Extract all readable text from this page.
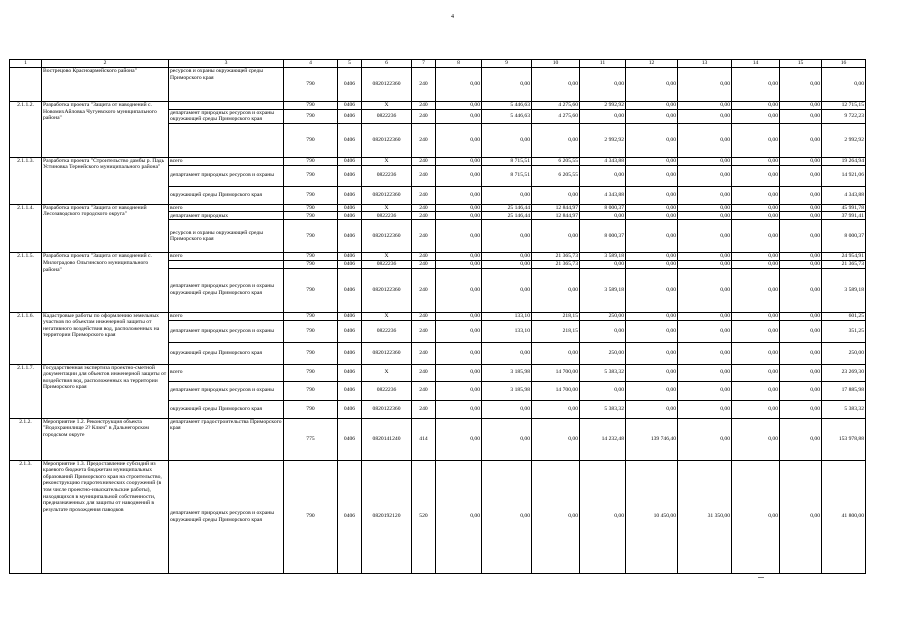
4
1	2	3	4	5	6	7	8	9	10	11	12	13	14	15	16
	Вострецово Красноармейского района"	ресурсов и охраны окружающей среды Приморского края	790	0406	0820122360	240	0,00	0,00	0,00	0,00	0,00	0,00	0,00	0,00	0,00
2.1.1.2.	Разработка проекта "Защита от наводнений с. НовомихАйловка Чугуевского муниципального района"		790	0406	X	240	0,00	5 446,63	4 275,60	2 992,92	0,00	0,00	0,00	0,00	12 715,15
		департамент природных ресурсов и охраны окружающей среды Приморского края	790	0406	0822236	240	0,00	5 446,63	4 275,60	0,00	0,00	0,00	0,00	0,00	9 722,23
			790	0406	0820122360	240	0,00	0,00	0,00	2 992,92	0,00	0,00	0,00	0,00	2 992,92
2.1.1.3.	Разработка проекта "Строительство дамбы р. Падь Устиновка Тернейского муниципального района"	всего	790	0406	X	240	0,00	8 715,51	6 205,55	4 343,88	0,00	0,00	0,00	0,00	19 264,94
		департамент природных ресурсов и охраны	790	0406	0822236	240	0,00	8 715,51	6 205,55	0,00	0,00	0,00	0,00	0,00	14 921,06
		окружающей среды Приморского края	790	0406	0820122360	240	0,00	0,00	0,00	4 343,88	0,00	0,00	0,00	0,00	4 343,88
2.1.1.4.	Разработка проекта "Защита от наводнений Лесозаводского городского округа"	всего	790	0406	X	240	0,00	25 146,44	12 844,97	8 000,37	0,00	0,00	0,00	0,00	45 991,78
		департамент природных	790	0406	0822236	240	0,00	25 146,44	12 844,97	0,00	0,00	0,00	0,00	0,00	37 991,41
		ресурсов и охраны окружающей среды Приморского края	790	0406	0820122360	240	0,00	0,00	0,00	8 000,37	0,00	0,00	0,00	0,00	8 000,37
2.1.1.5.	Разработка проекта "Защита от наводнений с. Милоградово Ольгинского муниципального района"	всего	790	0406	X	240	0,00	0,00	21 365,73	3 589,18	0,00	0,00	0,00	0,00	24 954,91
			790	0406	0822236	240	0,00	0,00	21 365,73	0,00	0,00	0,00	0,00	0,00	21 365,73
		департамент природных ресурсов и охраны окружающей среды Приморского края	790	0406	0820122360	240	0,00	0,00	0,00	3 589,18	0,00	0,00	0,00	0,00	3 589,18
2.1.1.6.	Кадастровые работы по оформлению земельных участков по объектам инженерной защиты от негативного воздействия вод, расположенных на территории Приморского края	всего	790	0406	X	240	0,00	133,10	218,15	250,00	0,00	0,00	0,00	0,00	601,25
		департамент природных ресурсов и охраны	790	0406	0822236	240	0,00	133,10	218,15	0,00	0,00	0,00	0,00	0,00	351,25
		окружающей среды Приморского края	790	0406	0820122360	240	0,00	0,00	0,00	250,00	0,00	0,00	0,00	0,00	250,00
2.1.1.7.	Государственная экспертиза проектно-сметной документации для объектов инженерной защиты от воздействия вод, расположенных на территории Приморского края	всего	790	0406	X	240	0,00	3 185,98	14 700,00	5 383,32	0,00	0,00	0,00	0,00	23 269,30
		департамент природных ресурсов и охраны	790	0406	0822236	240	0,00	3 185,98	14 700,00	0,00	0,00	0,00	0,00	0,00	17 885,98
		окружающей среды Приморского края	790	0406	0820122360	240	0,00	0,00	0,00	5 383,32	0,00	0,00	0,00	0,00	5 383,32
2.1.2.	Мероприятие 1.2. Реконструкция объекта "Водохранилище 2? Ключ" в Дальнегорском городском округе	департамент градостроительства Приморского края	775	0406	0820141240	414	0,00	0,00	0,00	14 232,48	139 746,40	0,00	0,00	0,00	153 978,88
2.1.3.	Мероприятие 1.3. Предоставление субсидий из краевого бюджета бюджетам муниципальных образований Приморского края на строительство, реконструкцию гидротехнических сооружений (в том числе проектно-изыскательские работы), находящихся в муниципальной собственности, предназначенных для защиты от наводнений в результате прохождения паводков	департамент природных ресурсов и охраны окружающей среды Приморского края	790	0406	0820192120	520	0,00	0,00	0,00	0,00	10 450,00	31 350,00	0,00	0,00	41 800,00
